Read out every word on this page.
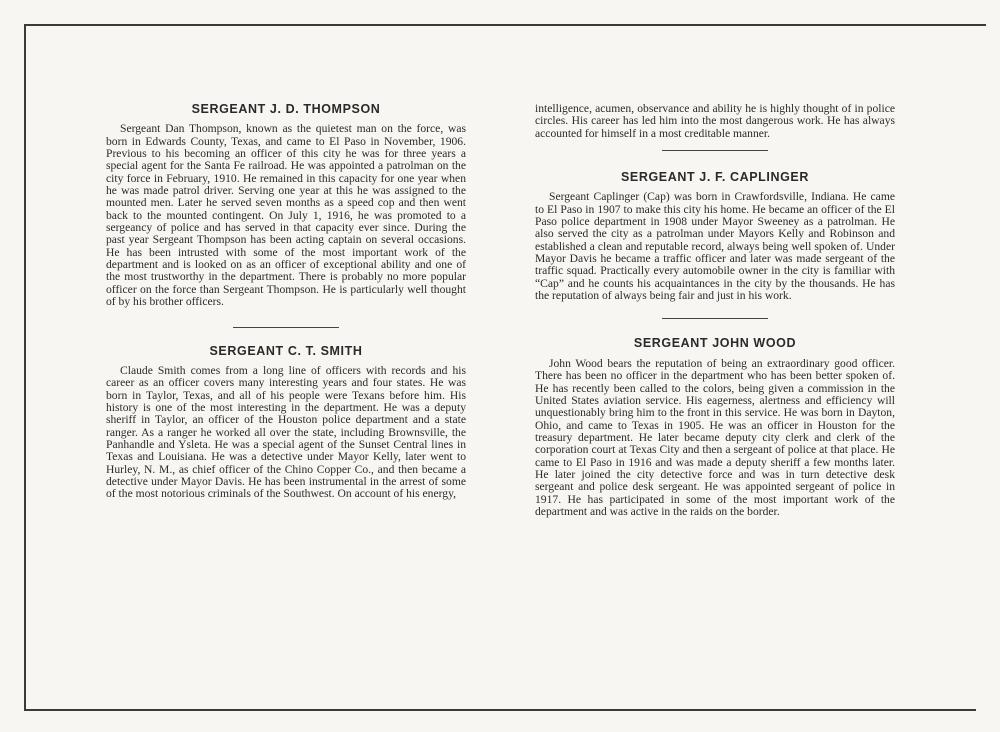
SERGEANT J. D. THOMPSON

Sergeant Dan Thompson, known as the quietest man on the force, was born in Edwards County, Texas, and came to El Paso in November, 1906. Previous to his becoming an officer of this city he was for three years a special agent for the Santa Fe railroad. He was appointed a patrolman on the city force in February, 1910. He remained in this capacity for one year when he was made patrol driver. Serving one year at this he was assigned to the mounted men. Later he served seven months as a speed cop and then went back to the mounted contingent. On July 1, 1916, he was promoted to a sergeancy of police and has served in that capacity ever since. During the past year Sergeant Thompson has been acting captain on several occasions. He has been intrusted with some of the most important work of the department and is looked on as an officer of exceptional ability and one of the most trustworthy in the department. There is probably no more popular officer on the force than Sergeant Thompson. He is particularly well thought of by his brother officers.

SERGEANT C. T. SMITH

Claude Smith comes from a long line of officers with records and his career as an officer covers many interesting years and four states. He was born in Taylor, Texas, and all of his people were Texans before him. His history is one of the most interesting in the department. He was a deputy sheriff in Taylor, an officer of the Houston police department and a state ranger. As a ranger he worked all over the state, including Brownsville, the Panhandle and Ysleta. He was a special agent of the Sunset Central lines in Texas and Louisiana. He was a detective under Mayor Kelly, later went to Hurley, N. M., as chief officer of the Chino Copper Co., and then became a detective under Mayor Davis. He has been instrumental in the arrest of some of the most notorious criminals of the Southwest. On account of his energy,

intelligence, acumen, observance and ability he is highly thought of in police circles. His career has led him into the most dangerous work. He has always accounted for himself in a most creditable manner.

SERGEANT J. F. CAPLINGER

Sergeant Caplinger (Cap) was born in Crawfordsville, Indiana. He came to El Paso in 1907 to make this city his home. He became an officer of the El Paso police department in 1908 under Mayor Sweeney as a patrolman. He also served the city as a patrolman under Mayors Kelly and Robinson and established a clean and reputable record, always being well spoken of. Under Mayor Davis he became a traffic officer and later was made sergeant of the traffic squad. Practically every automobile owner in the city is familiar with “Cap” and he counts his acquaintances in the city by the thousands. He has the reputation of always being fair and just in his work.

SERGEANT JOHN WOOD

John Wood bears the reputation of being an extraordinary good officer. There has been no officer in the department who has been better spoken of. He has recently been called to the colors, being given a commission in the United States aviation service. His eagerness, alertness and efficiency will unquestionably bring him to the front in this service. He was born in Dayton, Ohio, and came to Texas in 1905. He was an officer in Houston for the treasury department. He later became deputy city clerk and clerk of the corporation court at Texas City and then a sergeant of police at that place. He came to El Paso in 1916 and was made a deputy sheriff a few months later. He later joined the city detective force and was in turn detective desk sergeant and police desk sergeant. He was appointed sergeant of police in 1917. He has participated in some of the most important work of the department and was active in the raids on the border.
